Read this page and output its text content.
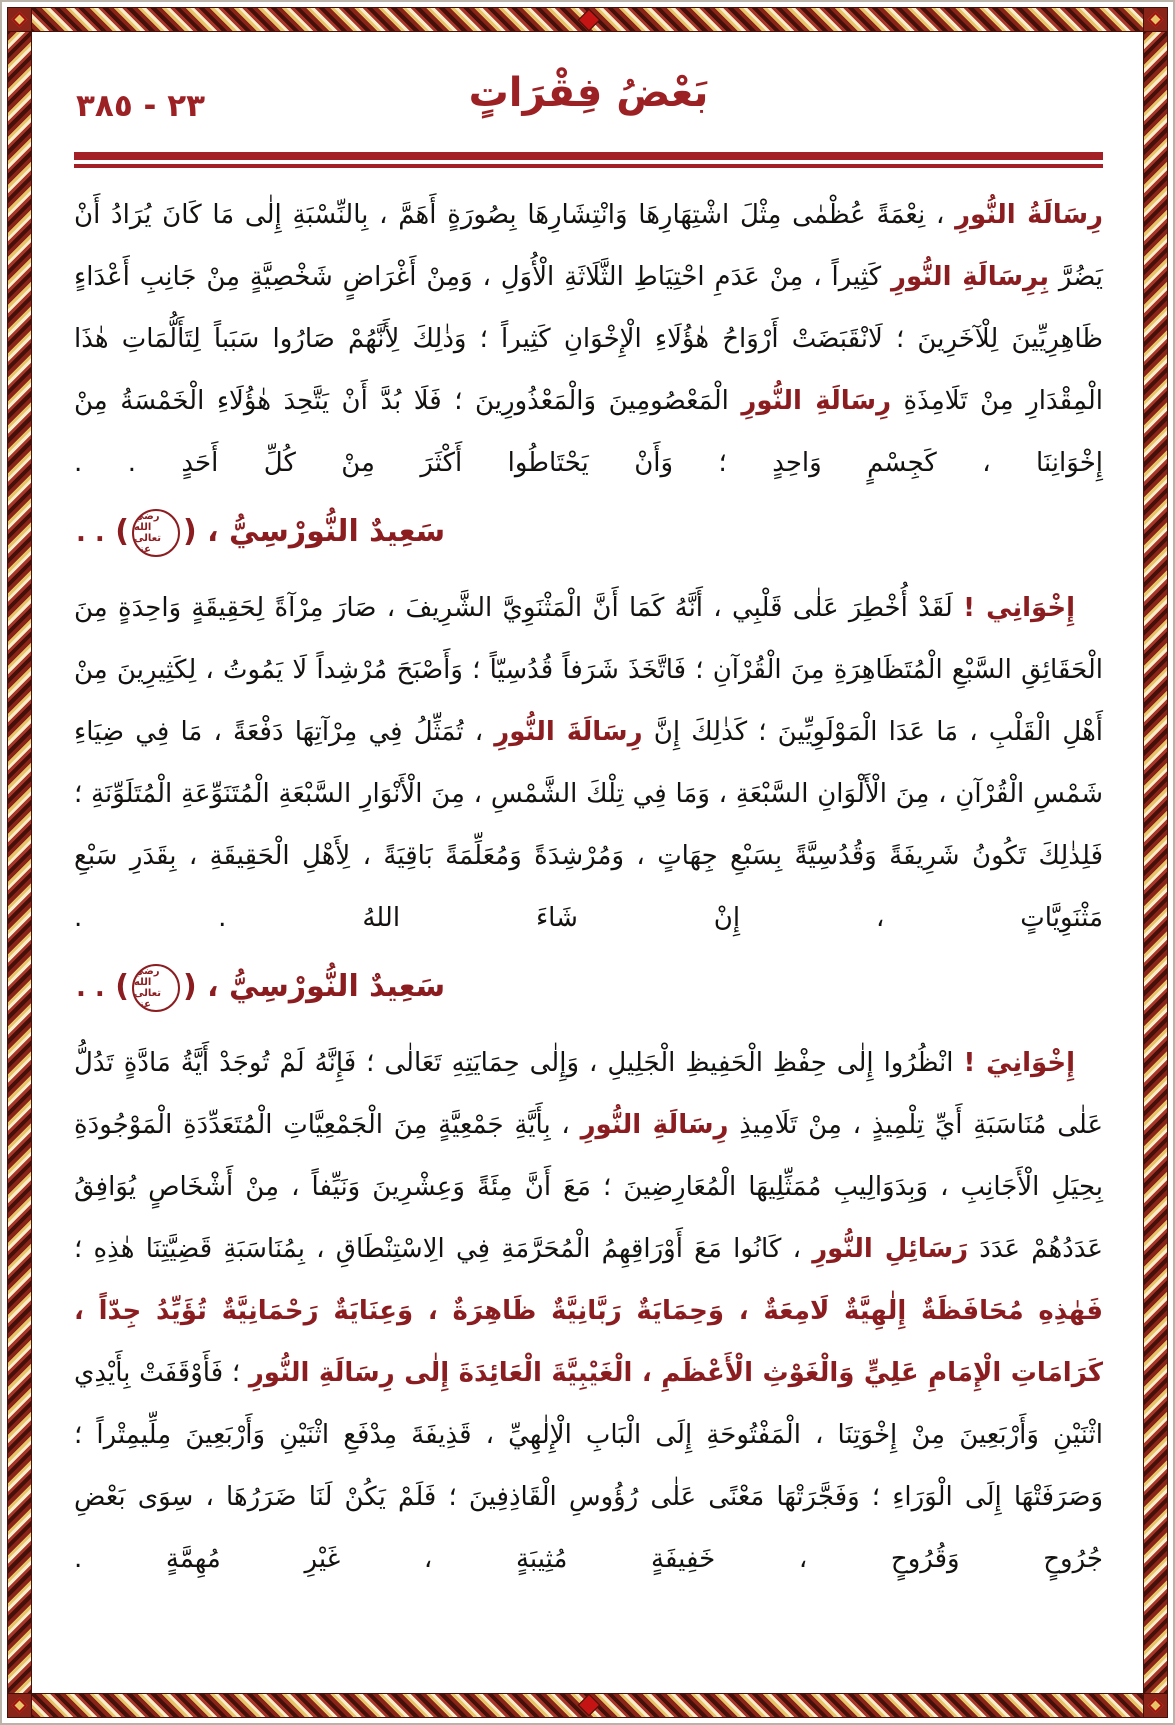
٢٣ - ٣٨٥	بَعْضُ فِقْرَاتٍ

رِسَالَةُ النُّورِ ، نِعْمَةً عُظْمٰى مِثْلَ اشْتِهَارِهَا وَانْتِشَارِهَا بِصُورَةٍ أَهَمَّ ، بِالنِّسْبَةِ إِلٰى مَا كَانَ يُرَادُ أَنْ يَضُرَّ بِرِسَالَةِ النُّورِ كَثِيراً ، مِنْ عَدَمِ احْتِيَاطِ الثَّلَاثَةِ الْأُوَلِ ، وَمِنْ أَغْرَاضٍ شَخْصِيَّةٍ مِنْ جَانِبِ أَعْدَاءٍ ظَاهِرِيِّينَ لِلْآخَرِينَ ؛ لَانْقَبَضَتْ أَرْوَاحُ هٰؤُلَاءِ الْإِخْوَانِ كَثِيراً ؛ وَذٰلِكَ لِأَنَّهُمْ صَارُوا سَبَباً لِتَأَلُّمَاتِ هٰذَا الْمِقْدَارِ مِنْ تَلَامِذَةِ رِسَالَةِ النُّورِ الْمَعْصُومِينَ وَالْمَعْذُورِينَ ؛ فَلَا بُدَّ أَنْ يَتَّحِدَ هٰؤُلَاءِ الْخَمْسَةُ مِنْ إِخْوَانِنَا ، كَجِسْمٍ وَاحِدٍ ؛ وَأَنْ يَحْتَاطُوا أَكْثَرَ مِنْ كُلِّ أَحَدٍ . .

سَعِيدٌ النُّورْسِيُّ ، (
رضي الله
تعالى عنه
) . .

إِخْوَانِي ! لَقَدْ أُخْطِرَ عَلٰى قَلْبِي ، أَنَّهُ كَمَا أَنَّ الْمَثْنَوِيَّ الشَّرِيفَ ، صَارَ مِرْآةً لِحَقِيقَةٍ وَاحِدَةٍ مِنَ الْحَقَائِقِ السَّبْعِ الْمُتَظَاهِرَةِ مِنَ الْقُرْآنِ ؛ فَاتَّخَذَ شَرَفاً قُدُسِيّاً ؛ وَأَصْبَحَ مُرْشِداً لَا يَمُوتُ ، لِكَثِيرِينَ مِنْ أَهْلِ الْقَلْبِ ، مَا عَدَا الْمَوْلَوِيِّينَ ؛ كَذٰلِكَ إِنَّ رِسَالَةَ النُّورِ ، تُمَثِّلُ فِي مِرْآتِهَا دَفْعَةً ، مَا فِي ضِيَاءِ شَمْسِ الْقُرْآنِ ، مِنَ الْأَلْوَانِ السَّبْعَةِ ، وَمَا فِي تِلْكَ الشَّمْسِ ، مِنَ الْأَنْوَارِ السَّبْعَةِ الْمُتَنَوِّعَةِ الْمُتَلَوِّنَةِ ؛ فَلِذٰلِكَ تَكُونُ شَرِيفَةً وَقُدُسِيَّةً بِسَبْعِ جِهَاتٍ ، وَمُرْشِدَةً وَمُعَلِّمَةً بَاقِيَةً ، لِأَهْلِ الْحَقِيقَةِ ، بِقَدَرِ سَبْعِ مَثْنَوِيَّاتٍ ، إِنْ شَاءَ اللهُ . .

سَعِيدٌ النُّورْسِيُّ ، (
رضي الله
تعالى عنه
) . .

إِخْوَانِيَ ! انْظُرُوا إِلٰى حِفْظِ الْحَفِيظِ الْجَلِيلِ ، وَإِلٰى حِمَايَتِهِ تَعَالٰى ؛ فَإِنَّهُ لَمْ تُوجَدْ أَيَّةُ مَادَّةٍ تَدُلُّ عَلٰى مُنَاسَبَةِ أَيِّ تِلْمِيذٍ ، مِنْ تَلَامِيذِ رِسَالَةِ النُّورِ ، بِأَيَّةِ جَمْعِيَّةٍ مِنَ الْجَمْعِيَّاتِ الْمُتَعَدِّدَةِ الْمَوْجُودَةِ بِحِيَلِ الْأَجَانِبِ ، وَبِدَوَالِيبِ مُمَثِّلِيهَا الْمُعَارِضِينَ ؛ مَعَ أَنَّ مِئَةً وَعِشْرِينَ وَنَيِّفاً ، مِنْ أَشْخَاصٍ يُوَافِقُ عَدَدُهُمْ عَدَدَ رَسَائِلِ النُّورِ ، كَانُوا مَعَ أَوْرَاقِهِمُ الْمُحَرَّمَةِ فِي الِاسْتِنْطَاقِ ، بِمُنَاسَبَةِ قَضِيَّتِنَا هٰذِهِ ؛ فَهٰذِهِ مُحَافَظَةٌ إِلٰهِيَّةٌ لَامِعَةٌ ، وَحِمَايَةٌ رَبَّانِيَّةٌ ظَاهِرَةٌ ، وَعِنَايَةٌ رَحْمَانِيَّةٌ تُؤَيِّدُ جِدّاً ، كَرَامَاتِ الْإِمَامِ عَلِيٍّ وَالْغَوْثِ الْأَعْظَمِ ، الْغَيْبِيَّةَ الْعَائِدَةَ إِلٰى رِسَالَةِ النُّورِ ؛ فَأَوْقَفَتْ بِأَيْدِي اثْنَيْنِ وَأَرْبَعِينَ مِنْ إِخْوَتِنَا ، الْمَفْتُوحَةِ إِلَى الْبَابِ الْإِلٰهِيِّ ، قَذِيفَةَ مِدْفَعِ اثْنَيْنِ وَأَرْبَعِينَ مِلِّيمِتْراً ؛ وَصَرَفَتْهَا إِلَى الْوَرَاءِ ؛ وَفَجَّرَتْهَا مَعْنًى عَلٰى رُؤُوسِ الْقَاذِفِينَ ؛ فَلَمْ يَكُنْ لَنَا ضَرَرُهَا ، سِوَى بَعْضِ جُرُوحٍ وَقُرُوحٍ ، خَفِيفَةٍ مُثِيبَةٍ ، غَيْرِ مُهِمَّةٍ .
